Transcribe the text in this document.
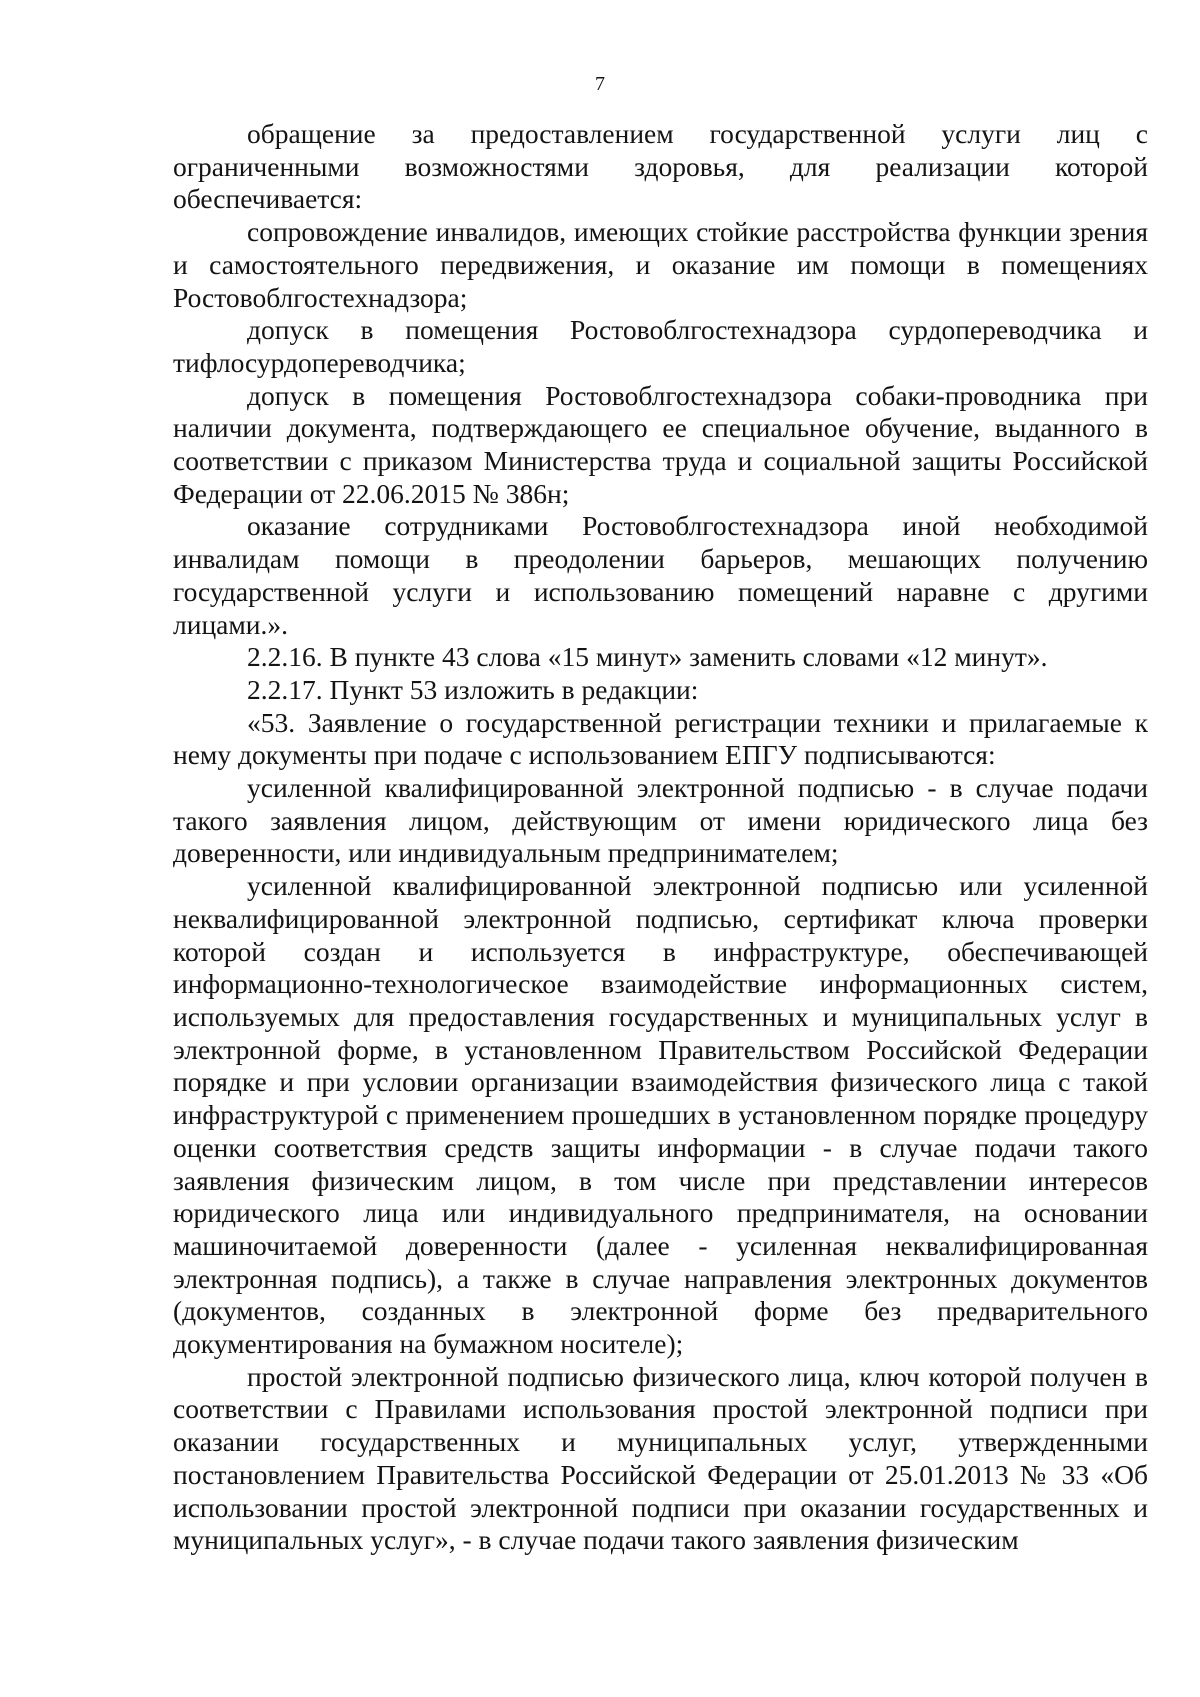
7

обращение за предоставлением государственной услуги лиц с ограниченными возможностями здоровья, для реализации которой обеспечивается:

сопровождение инвалидов, имеющих стойкие расстройства функции зрения и самостоятельного передвижения, и оказание им помощи в помещениях Ростовоблгостехнадзора;

допуск в помещения Ростовоблгостехнадзора сурдопереводчика и тифлосурдопереводчика;

допуск в помещения Ростовоблгостехнадзора собаки-проводника при наличии документа, подтверждающего ее специальное обучение, выданного в соответствии с приказом Министерства труда и социальной защиты Российской Федерации от 22.06.2015 № 386н;

оказание сотрудниками Ростовоблгостехнадзора иной необходимой инвалидам помощи в преодолении барьеров, мешающих получению государственной услуги и использованию помещений наравне с другими лицами.».

2.2.16. В пункте 43 слова «15 минут» заменить словами «12 минут».

2.2.17. Пункт 53 изложить в редакции:

«53. Заявление о государственной регистрации техники и прилагаемые к нему документы при подаче с использованием ЕПГУ подписываются:

усиленной квалифицированной электронной подписью - в случае подачи такого заявления лицом, действующим от имени юридического лица без доверенности, или индивидуальным предпринимателем;

усиленной квалифицированной электронной подписью или усиленной неквалифицированной электронной подписью, сертификат ключа проверки которой создан и используется в инфраструктуре, обеспечивающей информационно-технологическое взаимодействие информационных систем, используемых для предоставления государственных и муниципальных услуг в электронной форме, в установленном Правительством Российской Федерации порядке и при условии организации взаимодействия физического лица с такой инфраструктурой с применением прошедших в установленном порядке процедуру оценки соответствия средств защиты информации - в случае подачи такого заявления физическим лицом, в том числе при представлении интересов юридического лица или индивидуального предпринимателя, на основании машиночитаемой доверенности (далее - усиленная неквалифицированная электронная подпись), а также в случае направления электронных документов (документов, созданных в электронной форме без предварительного документирования на бумажном носителе);

простой электронной подписью физического лица, ключ которой получен в соответствии с Правилами использования простой электронной подписи при оказании государственных и муниципальных услуг, утвержденными постановлением Правительства Российской Федерации от 25.01.2013 № 33 «Об использовании простой электронной подписи при оказании государственных и муниципальных услуг», - в случае подачи такого заявления физическим
